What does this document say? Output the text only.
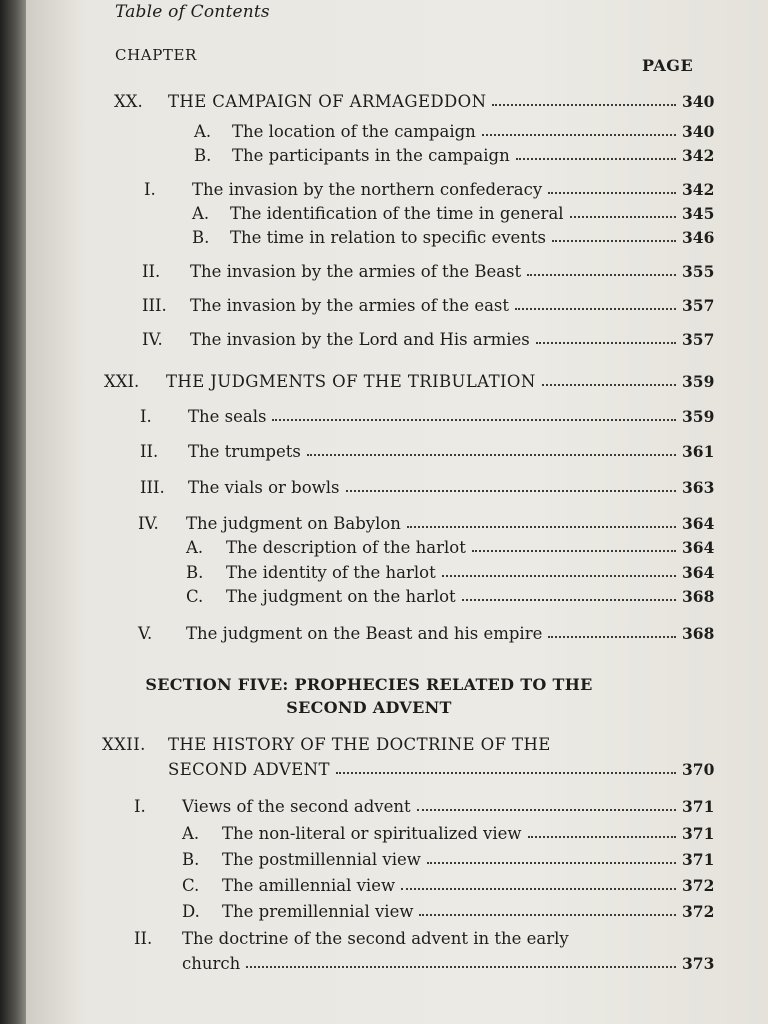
Table of Contents
CHAPTER
PAGE
XX.	THE CAMPAIGN OF ARMAGEDDON	340
A.	The location of the campaign	340
B.	The participants in the campaign	342
I.	The invasion by the northern confederacy	342
A.	The identification of the time in general	345
B.	The time in relation to specific events	346
II.	The invasion by the armies of the Beast	355
III.	The invasion by the armies of the east	357
IV.	The invasion by the Lord and His armies	357
XXI.	THE JUDGMENTS OF THE TRIBULATION	359
I.	The seals	359
II.	The trumpets	361
III.	The vials or bowls	363
IV.	The judgment on Babylon	364
A.	The description of the harlot	364
B.	The identity of the harlot	364
C.	The judgment on the harlot	368
V.	The judgment on the Beast and his empire	368
SECTION FIVE: PROPHECIES RELATED TO THE
SECOND ADVENT
XXII. THE HISTORY OF THE DOCTRINE OF THE
SECOND ADVENT	370
I.	Views of the second advent	371
A.	The non-literal or spiritualized view	371
B.	The postmillennial view	371
C.	The amillennial view	372
D.	The premillennial view	372
II. The doctrine of the second advent in the early
church	373
